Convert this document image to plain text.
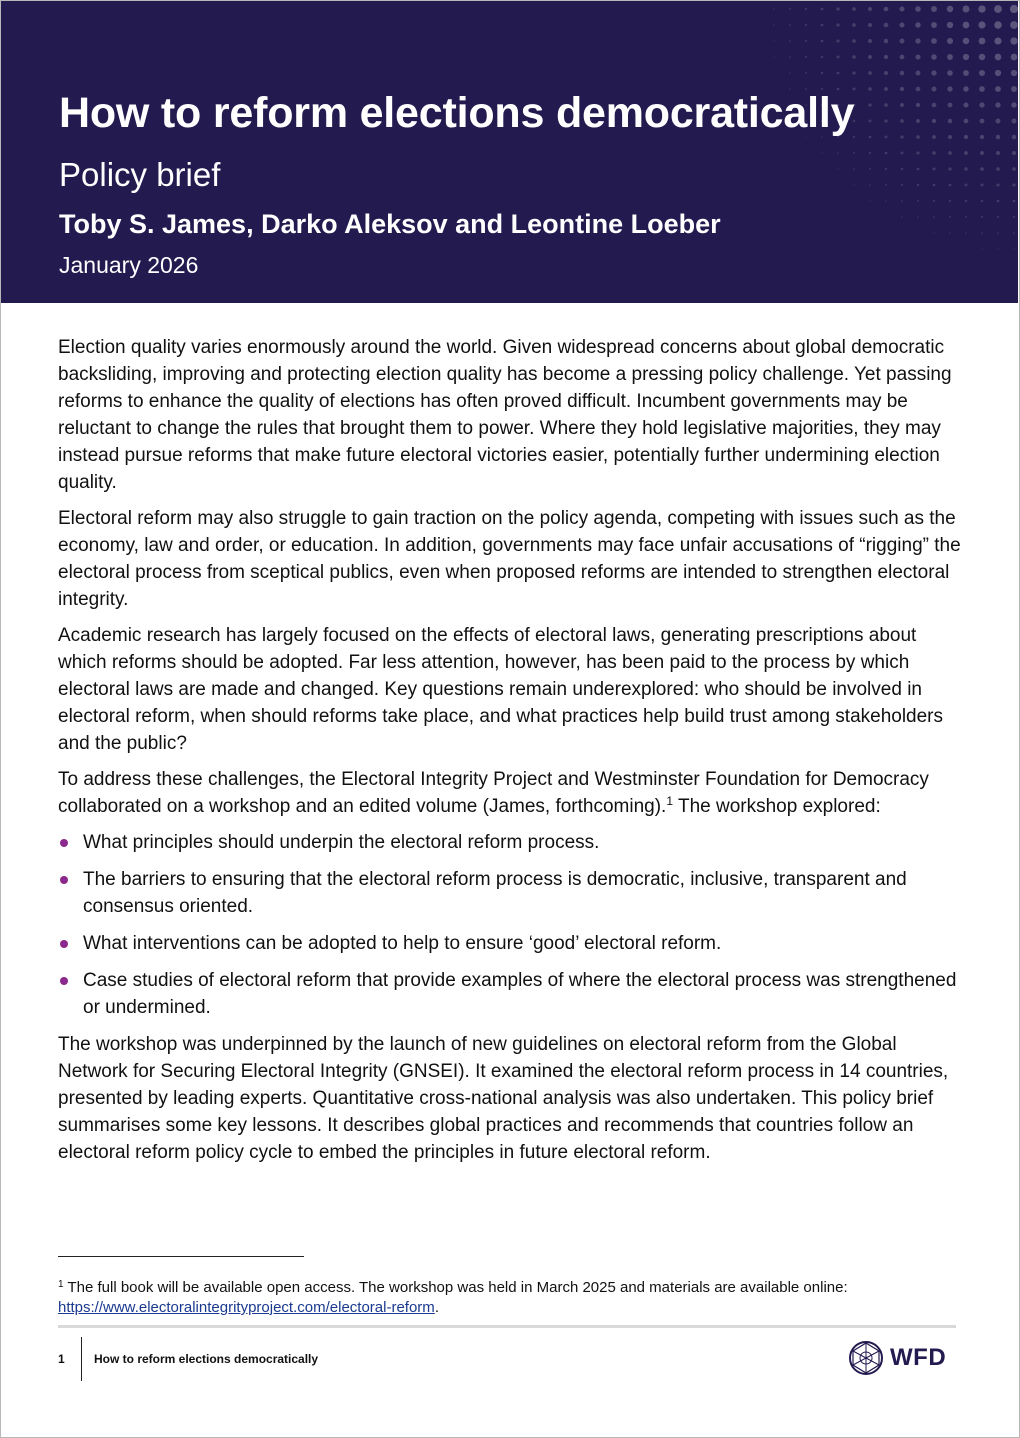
How to reform elections democratically
Policy brief
Toby S. James, Darko Aleksov and Leontine Loeber
January 2026

Election quality varies enormously around the world. Given widespread concerns about global democratic backsliding, improving and protecting election quality has become a pressing policy challenge. Yet passing reforms to enhance the quality of elections has often proved difficult. Incumbent governments may be reluctant to change the rules that brought them to power. Where they hold legislative majorities, they may instead pursue reforms that make future electoral victories easier, potentially further undermining election quality.

Electoral reform may also struggle to gain traction on the policy agenda, competing with issues such as the economy, law and order, or education. In addition, governments may face unfair accusations of “rigging” the electoral process from sceptical publics, even when proposed reforms are intended to strengthen electoral integrity.

Academic research has largely focused on the effects of electoral laws, generating prescriptions about which reforms should be adopted. Far less attention, however, has been paid to the process by which electoral laws are made and changed. Key questions remain underexplored: who should be involved in electoral reform, when should reforms take place, and what practices help build trust among stakeholders and the public?

To address these challenges, the Electoral Integrity Project and Westminster Foundation for Democracy collaborated on a workshop and an edited volume (James, forthcoming).$^1$ The workshop explored:

What principles should underpin the electoral reform process.
The barriers to ensuring that the electoral reform process is democratic, inclusive, transparent and consensus oriented.
What interventions can be adopted to help to ensure ‘good’ electoral reform.
Case studies of electoral reform that provide examples of where the electoral process was strengthened or undermined.

The workshop was underpinned by the launch of new guidelines on electoral reform from the Global Network for Securing Electoral Integrity (GNSEI). It examined the electoral reform process in 14 countries, presented by leading experts. Quantitative cross-national analysis was also undertaken. This policy brief summarises some key lessons. It describes global practices and recommends that countries follow an electoral reform policy cycle to embed the principles in future electoral reform.

$^1$ The full book will be available open access. The workshop was held in March 2025 and materials are available online: https://www.electoralintegrityproject.com/electoral-reform.
1 How to reform elections democratically	WFD
